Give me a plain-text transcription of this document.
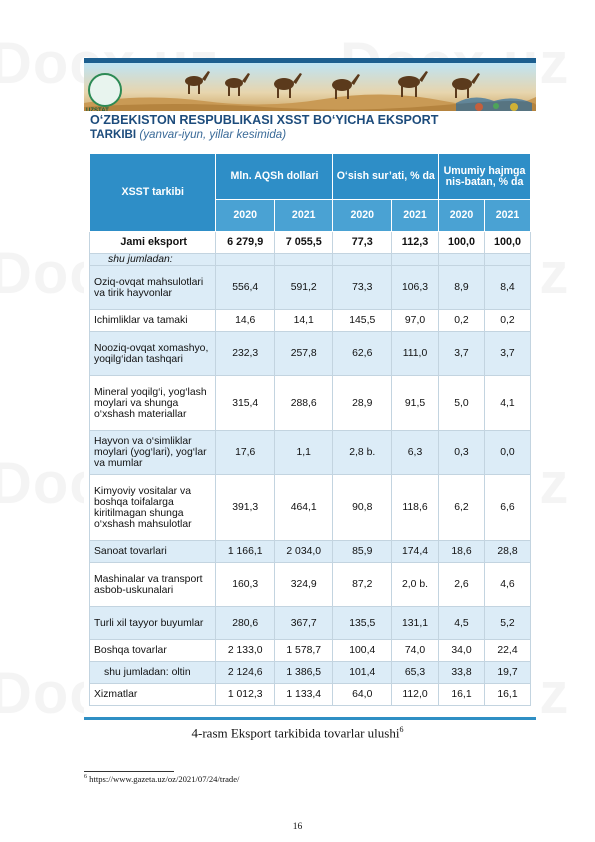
UZSTAT
O‘ZBEKISTON RESPUBLIKASI XSST BO‘YICHA EKSPORT
TARKIBI (yanvar-iyun, yillar kesimida)
XSST tarkibi	Mln. AQSh dollari		O‘sish sur’ati, % da		Umumiy hajmga nis-batan, % da	
	2020	2021	2020	2021	2020	2021
Jami eksport	6 279,9	7 055,5	77,3	112,3	100,0	100,0
shu jumladan:						
Oziq-ovqat mahsulotlari va tirik hayvonlar	556,4	591,2	73,3	106,3	8,9	8,4
Ichimliklar va tamaki	14,6	14,1	145,5	97,0	0,2	0,2
Nooziq-ovqat xomashyo, yoqilg‘idan tashqari	232,3	257,8	62,6	111,0	3,7	3,7
Mineral yoqilg‘i, yog‘lash moylari va shunga o‘xshash materiallar	315,4	288,6	28,9	91,5	5,0	4,1
Hayvon va o‘simliklar moylari (yog‘lari), yog‘lar va mumlar	17,6	1,1	2,8 b.	6,3	0,3	0,0
Kimyoviy vositalar va boshqa toifalarga kiritilmagan shunga o‘xshash mahsulotlar	391,3	464,1	90,8	118,6	6,2	6,6
Sanoat tovarlari	1 166,1	2 034,0	85,9	174,4	18,6	28,8
Mashinalar va transport asbob-uskunalari	160,3	324,9	87,2	2,0 b.	2,6	4,6
Turli xil tayyor buyumlar	280,6	367,7	135,5	131,1	4,5	5,2
Boshqa tovarlar	2 133,0	1 578,7	100,4	74,0	34,0	22,4
shu jumladan: oltin	2 124,6	1 386,5	101,4	65,3	33,8	19,7
Xizmatlar	1 012,3	1 133,4	64,0	112,0	16,1	16,1
4-rasm Eksport tarkibida tovarlar ulushi$^6$
$^6$ https://www.gazeta.uz/oz/2021/07/24/trade/
16
